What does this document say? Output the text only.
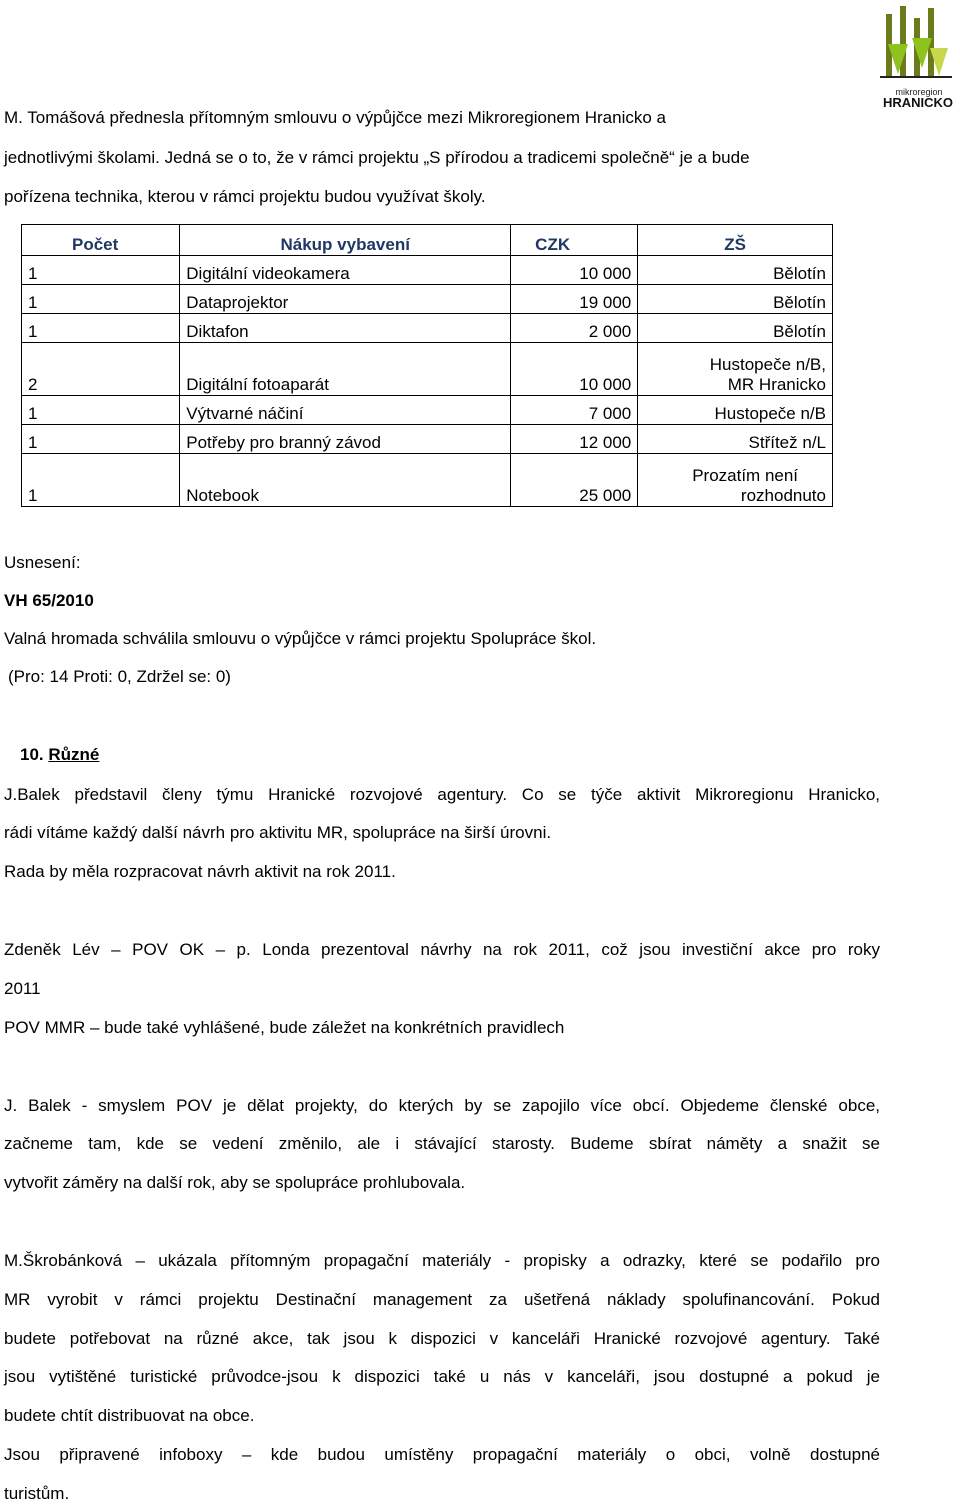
mikroregion
HRANICKO
M. Tomášová přednesla přítomným smlouvu o výpůjčce mezi Mikroregionem Hranicko a
jednotlivými školami. Jedná se o to, že v rámci projektu „S přírodou a tradicemi společně“ je a bude
pořízena technika, kterou v rámci projektu budou využívat školy.
Počet	Nákup vybavení	CZK	ZŠ
1	Digitální videokamera	10 000	Bělotín
1	Dataprojektor	19 000	Bělotín
1	Diktafon	2 000	Bělotín
2	Digitální fotoaparát	10 000	Hustopeče n/B,
MR Hranicko

1	Výtvarné náčiní	7 000	Hustopeče n/B
1	Potřeby pro branný závod	12 000	Střítež n/L
1	Notebook	25 000	Prozatím není
rozhodnuto
Usnesení:
VH 65/2010
Valná hromada schválila smlouvu o výpůjčce v rámci projektu Spolupráce škol.
(Pro: 14 Proti: 0, Zdržel se: 0)
10. Různé
J.Balek představil členy týmu Hranické rozvojové agentury. Co se týče aktivit Mikroregionu Hranicko,
rádi vítáme každý další návrh pro aktivitu MR, spolupráce na širší úrovni.
Rada by měla rozpracovat návrh aktivit na rok 2011.
Zdeněk Lév – POV OK – p. Londa prezentoval návrhy na rok 2011, což jsou investiční akce pro roky
2011
POV MMR – bude také vyhlášené, bude záležet na konkrétních pravidlech
J. Balek - smyslem POV je dělat projekty, do kterých by se zapojilo více obcí. Objedeme členské obce,
začneme tam, kde se vedení změnilo, ale i stávající starosty. Budeme sbírat náměty a snažit se
vytvořit záměry na další rok, aby se spolupráce prohlubovala.
M.Škrobánková – ukázala přítomným propagační materiály - propisky a odrazky, které se podařilo pro
MR vyrobit v rámci projektu Destinační management za ušetřená náklady spolufinancování. Pokud
budete potřebovat na různé akce, tak jsou k dispozici v kanceláři Hranické rozvojové agentury. Také
jsou vytištěné turistické průvodce-jsou k dispozici také u nás v kanceláři, jsou dostupné a pokud je
budete chtít distribuovat na obce.
Jsou připravené infoboxy – kde budou umístěny propagační materiály o obci, volně dostupné
turistům.
